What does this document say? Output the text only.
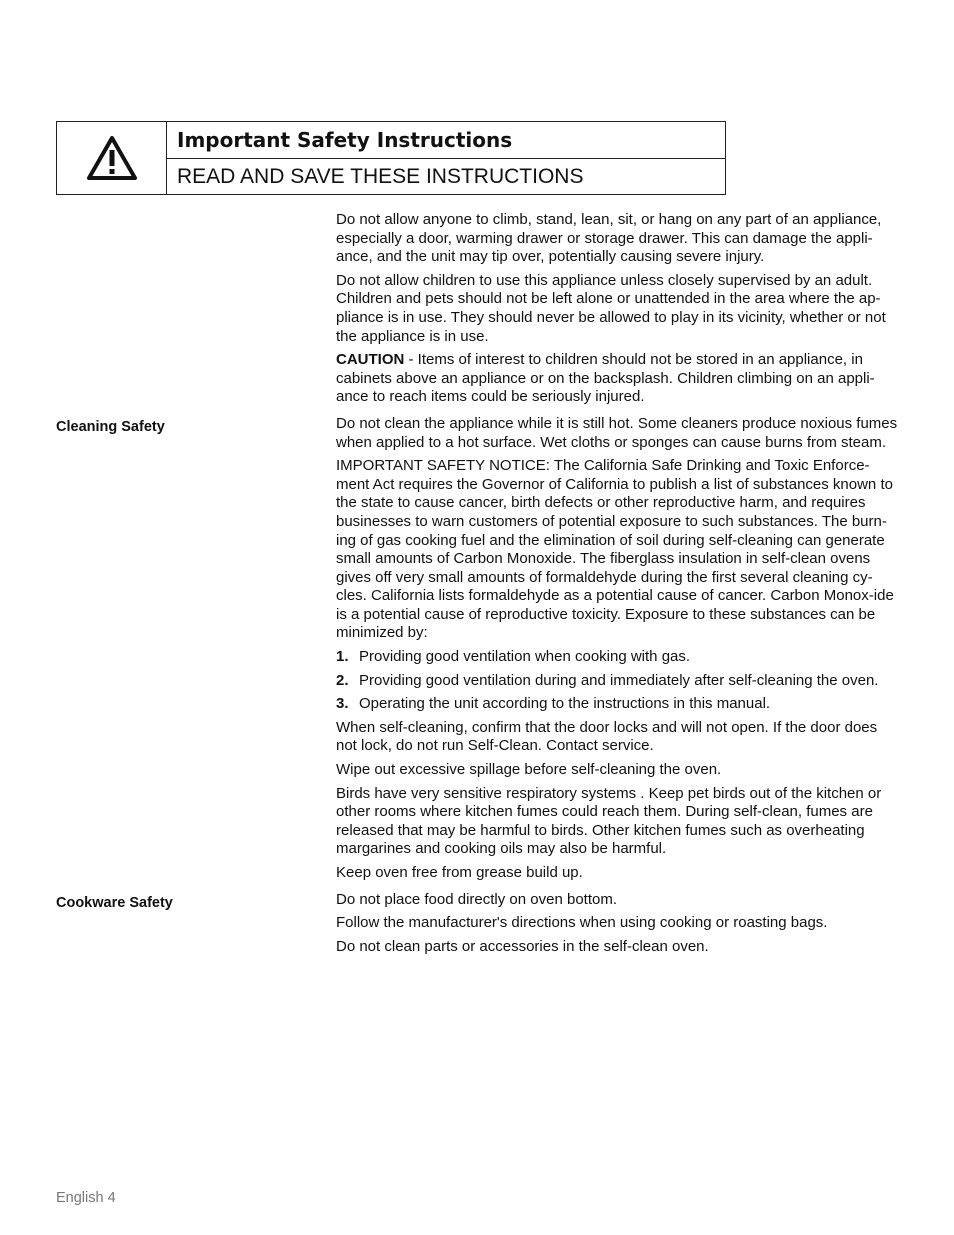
Important Safety Instructions
READ AND SAVE THESE INSTRUCTIONS

Do not allow anyone to climb, stand, lean, sit, or hang on any part of an appliance, especially a door, warming drawer or storage drawer. This can damage the appli-ance, and the unit may tip over, potentially causing severe injury.

Do not allow children to use this appliance unless closely supervised by an adult. Children and pets should not be left alone or unattended in the area where the ap-pliance is in use. They should never be allowed to play in its vicinity, whether or not the appliance is in use.

CAUTION - Items of interest to children should not be stored in an appliance, in cabinets above an appliance or on the backsplash. Children climbing on an appli-ance to reach items could be seriously injured.

Cleaning Safety	Do not clean the appliance while it is still hot. Some cleaners produce noxious fumes when applied to a hot surface. Wet cloths or sponges can cause burns from steam.

IMPORTANT SAFETY NOTICE: The California Safe Drinking and Toxic Enforce-ment Act requires the Governor of California to publish a list of substances known to the state to cause cancer, birth defects or other reproductive harm, and requires businesses to warn customers of potential exposure to such substances. The burn-ing of gas cooking fuel and the elimination of soil during self-cleaning can generate small amounts of Carbon Monoxide. The fiberglass insulation in self-clean ovens gives off very small amounts of formaldehyde during the first several cleaning cy-cles. California lists formaldehyde as a potential cause of cancer. Carbon Monox-ide is a potential cause of reproductive toxicity. Exposure to these substances can be minimized by:

1. Providing good ventilation when cooking with gas.

2. Providing good ventilation during and immediately after self-cleaning the oven.

3. Operating the unit according to the instructions in this manual.

When self-cleaning, confirm that the door locks and will not open. If the door does not lock, do not run Self-Clean. Contact service.

Wipe out excessive spillage before self-cleaning the oven.

Birds have very sensitive respiratory systems . Keep pet birds out of the kitchen or other rooms where kitchen fumes could reach them. During self-clean, fumes are released that may be harmful to birds. Other kitchen fumes such as overheating margarines and cooking oils may also be harmful.

Keep oven free from grease build up.

Cookware Safety	Do not place food directly on oven bottom.

Follow the manufacturer's directions when using cooking or roasting bags.

Do not clean parts or accessories in the self-clean oven.

English 4
